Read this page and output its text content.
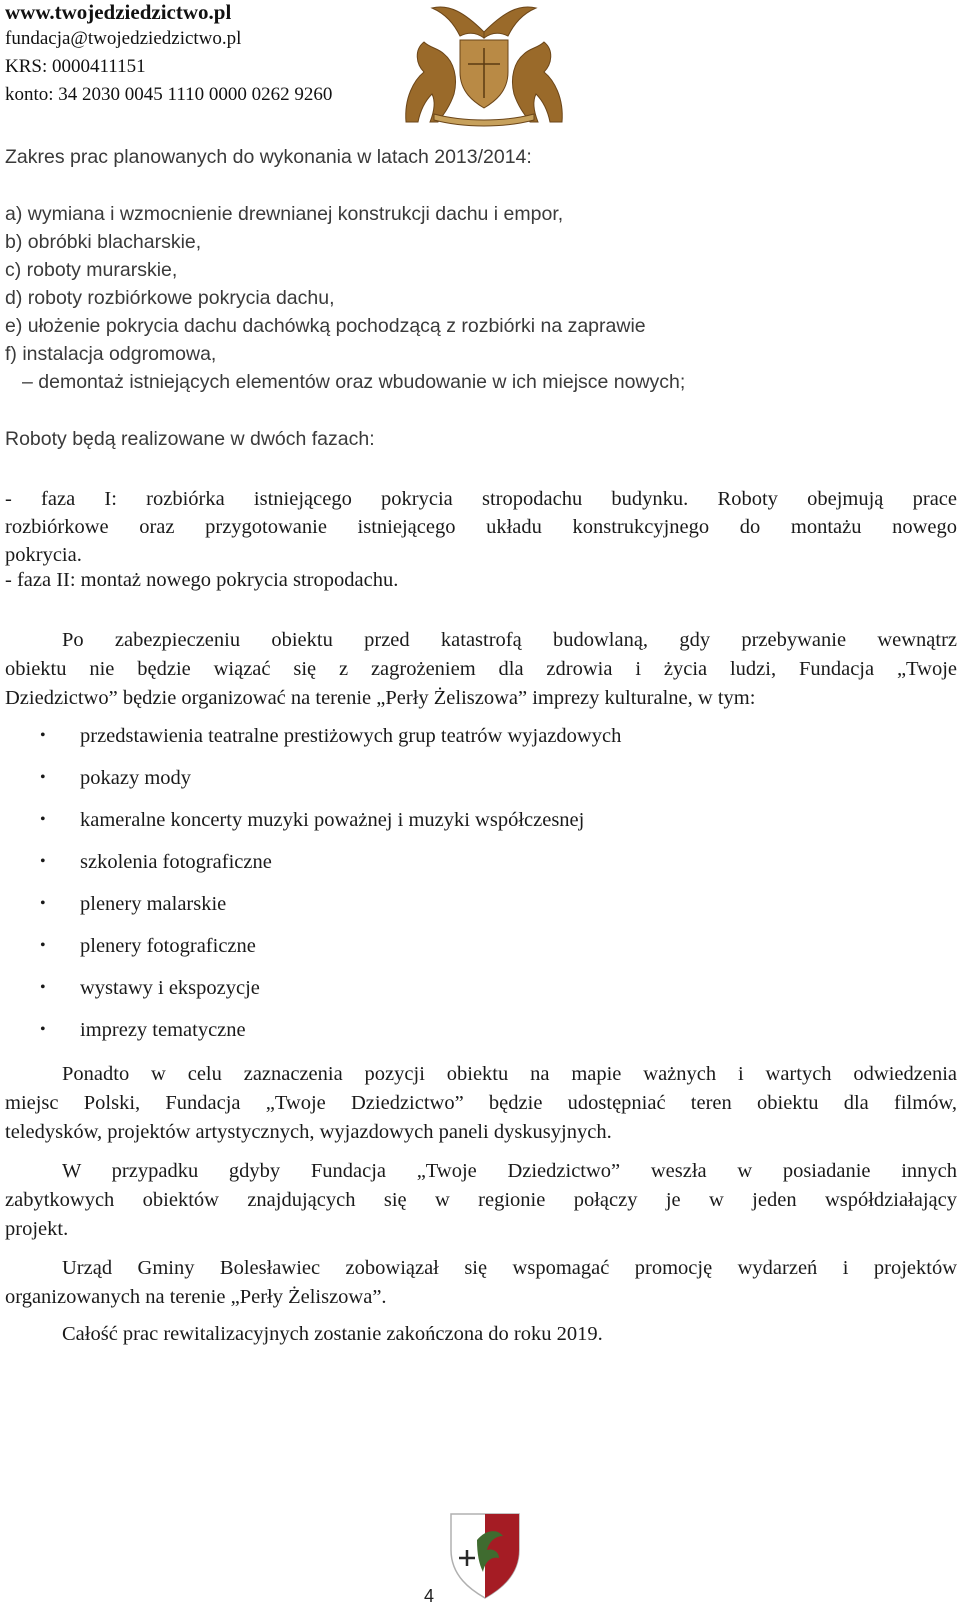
www.twojedziedzictwo.pl
fundacja@twojedziedzictwo.pl
KRS: 0000411151
konto: 34 2030 0045 1110 0000 0262 9260
Zakres prac planowanych do wykonania w latach 2013/2014:
a) wymiana i wzmocnienie drewnianej konstrukcji dachu i empor,
b) obróbki blacharskie,
c) roboty murarskie,
d) roboty rozbiórkowe pokrycia dachu,
e) ułożenie pokrycia dachu dachówką pochodzącą z rozbiórki na zaprawie
f) instalacja odgromowa,
– demontaż istniejących elementów oraz wbudowanie w ich miejsce nowych;
Roboty będą realizowane w dwóch fazach:
- faza I: rozbiórka istniejącego pokrycia stropodachu budynku. Roboty obejmują prace
rozbiórkowe oraz przygotowanie istniejącego układu konstrukcyjnego do montażu nowego
pokrycia.
- faza II: montaż nowego pokrycia stropodachu.
Po zabezpieczeniu obiektu przed katastrofą budowlaną, gdy przebywanie wewnątrz
obiektu nie będzie wiązać się z zagrożeniem dla zdrowia i życia ludzi, Fundacja „Twoje
Dziedzictwo” będzie organizować na terenie „Perły Żeliszowa” imprezy kulturalne, w tym:
• przedstawienia teatralne prestiżowych grup teatrów wyjazdowych
• pokazy mody
• kameralne koncerty muzyki poważnej i muzyki współczesnej
• szkolenia fotograficzne
• plenery malarskie
• plenery fotograficzne
• wystawy i ekspozycje
• imprezy tematyczne
Ponadto w celu zaznaczenia pozycji obiektu na mapie ważnych i wartych odwiedzenia
miejsc Polski, Fundacja „Twoje Dziedzictwo” będzie udostępniać teren obiektu dla filmów,
teledysków, projektów artystycznych, wyjazdowych paneli dyskusyjnych.
W przypadku gdyby Fundacja „Twoje Dziedzictwo” weszła w posiadanie innych
zabytkowych obiektów znajdujących się w regionie połączy je w jeden współdziałający
projekt.
Urząd Gminy Bolesławiec zobowiązał się wspomagać promocję wydarzeń i projektów
organizowanych na terenie „Perły Żeliszowa”.
Całość prac rewitalizacyjnych zostanie zakończona do roku 2019.
4
